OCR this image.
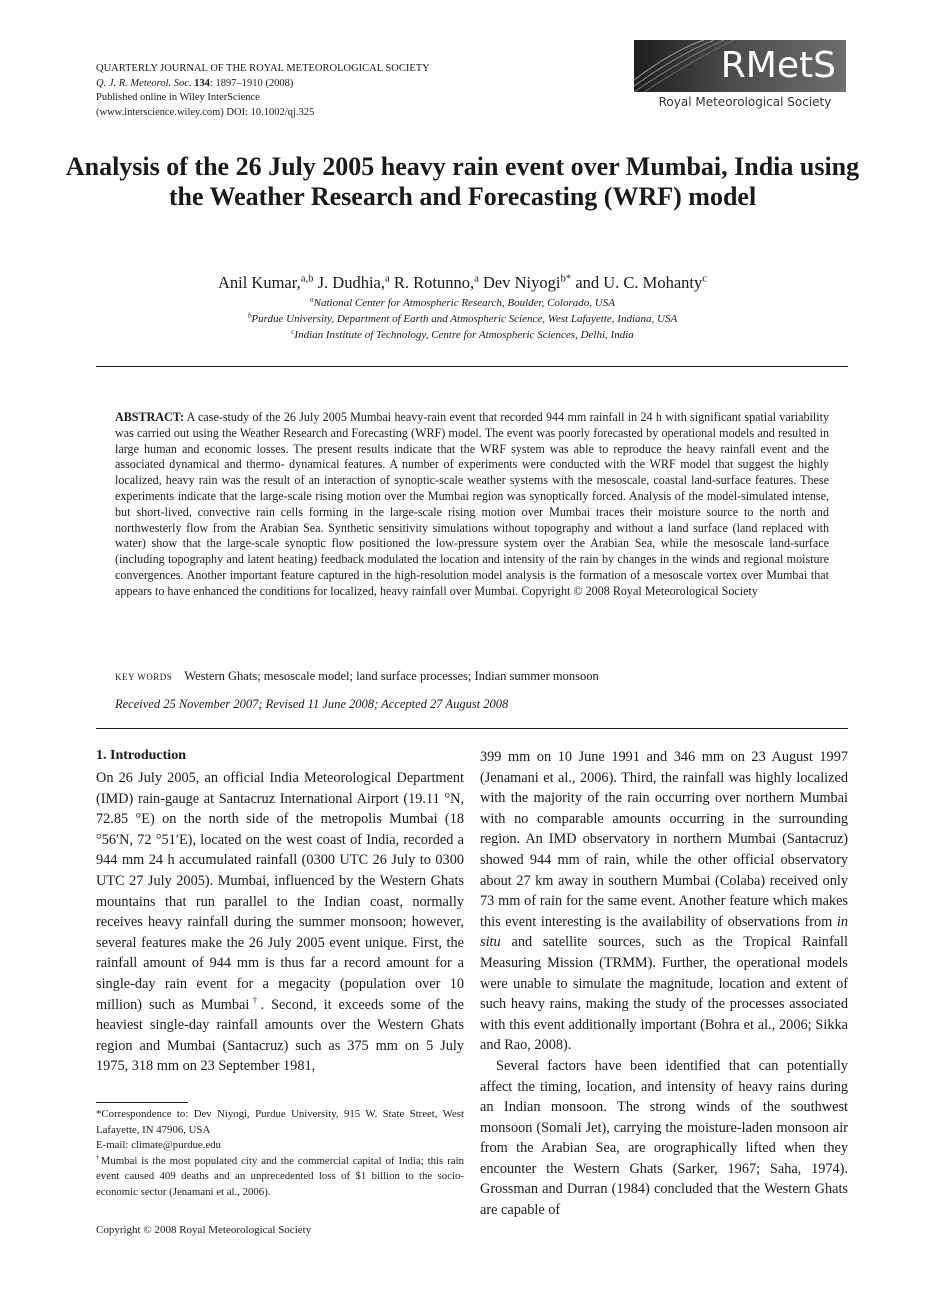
QUARTERLY JOURNAL OF THE ROYAL METEOROLOGICAL SOCIETY
Q. J. R. Meteorol. Soc. 134: 1897–1910 (2008)
Published online in Wiley InterScience
(www.interscience.wiley.com) DOI: 10.1002/qj.325
RMetS
Royal Meteorological Society
Analysis of the 26 July 2005 heavy rain event over Mumbai, India using the Weather Research and Forecasting (WRF) model
Anil Kumar,$^{a,b}$ J. Dudhia,$^a$ R. Rotunno,$^a$ Dev Niyogi$^{b*}$ and U. C. Mohanty$^c$
$^a$National Center for Atmospheric Research, Boulder, Colorado, USA
$^b$Purdue University, Department of Earth and Atmospheric Science, West Lafayette, Indiana, USA
$^c$Indian Institute of Technology, Centre for Atmospheric Sciences, Delhi, India
ABSTRACT: A case-study of the 26 July 2005 Mumbai heavy-rain event that recorded 944 mm rainfall in 24 h with significant spatial variability was carried out using the Weather Research and Forecasting (WRF) model. The event was poorly forecasted by operational models and resulted in large human and economic losses. The present results indicate that the WRF system was able to reproduce the heavy rainfall event and the associated dynamical and thermo- dynamical features. A number of experiments were conducted with the WRF model that suggest the highly localized, heavy rain was the result of an interaction of synoptic-scale weather systems with the mesoscale, coastal land-surface features. These experiments indicate that the large-scale rising motion over the Mumbai region was synoptically forced. Analysis of the model-simulated intense, but short-lived, convective rain cells forming in the large-scale rising motion over Mumbai traces their moisture source to the north and northwesterly flow from the Arabian Sea. Synthetic sensitivity simulations without topography and without a land surface (land replaced with water) show that the large-scale synoptic flow positioned the low-pressure system over the Arabian Sea, while the mesoscale land-surface (including topography and latent heating) feedback modulated the location and intensity of the rain by changes in the winds and regional moisture convergences. Another important feature captured in the high-resolution model analysis is the formation of a mesoscale vortex over Mumbai that appears to have enhanced the conditions for localized, heavy rainfall over Mumbai. Copyright © 2008 Royal Meteorological Society
KEY WORDS Western Ghats; mesoscale model; land surface processes; Indian summer monsoon
Received 25 November 2007; Revised 11 June 2008; Accepted 27 August 2008
1. Introduction

On 26 July 2005, an official India Meteorological Department (IMD) rain-gauge at Santacruz International Airport (19.11 °N, 72.85 °E) on the north side of the metropolis Mumbai (18 °56′N, 72 °51′E), located on the west coast of India, recorded a 944 mm 24 h accumulated rainfall (0300 UTC 26 July to 0300 UTC 27 July 2005). Mumbai, influenced by the Western Ghats mountains that run parallel to the Indian coast, normally receives heavy rainfall during the summer monsoon; however, several features make the 26 July 2005 event unique. First, the rainfall amount of 944 mm is thus far a record amount for a single-day rain event for a megacity (population over 10 million) such as Mumbai†. Second, it exceeds some of the heaviest single-day rainfall amounts over the Western Ghats region and Mumbai (Santacruz) such as 375 mm on 5 July 1975, 318 mm on 23 September 1981,

*Correspondence to: Dev Niyogi, Purdue University, 915 W. State Street, West Lafayette, IN 47906, USA

E-mail: climate@purdue.edu

†Mumbai is the most populated city and the commercial capital of India; this rain event caused 409 deaths and an unprecedented loss of $1 billion to the socio-economic sector (Jenamani et al., 2006).

Copyright © 2008 Royal Meteorological Society

399 mm on 10 June 1991 and 346 mm on 23 August 1997 (Jenamani et al., 2006). Third, the rainfall was highly localized with the majority of the rain occurring over northern Mumbai with no comparable amounts occurring in the surrounding region. An IMD observatory in northern Mumbai (Santacruz) showed 944 mm of rain, while the other official observatory about 27 km away in southern Mumbai (Colaba) received only 73 mm of rain for the same event. Another feature which makes this event interesting is the availability of observations from in situ and satellite sources, such as the Tropical Rainfall Measuring Mission (TRMM). Further, the operational models were unable to simulate the magnitude, location and extent of such heavy rains, making the study of the processes associated with this event additionally important (Bohra et al., 2006; Sikka and Rao, 2008).

Several factors have been identified that can potentially affect the timing, location, and intensity of heavy rains during an Indian monsoon. The strong winds of the southwest monsoon (Somali Jet), carrying the moisture-laden monsoon air from the Arabian Sea, are orographically lifted when they encounter the Western Ghats (Sarker, 1967; Saha, 1974). Grossman and Durran (1984) concluded that the Western Ghats are capable of
